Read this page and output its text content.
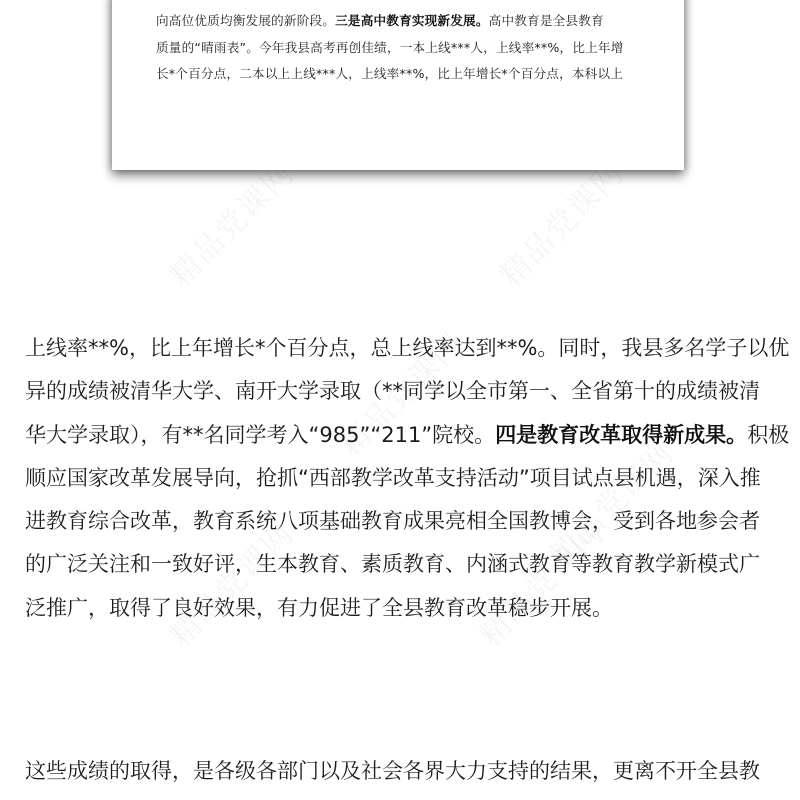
向高位优质均衡发展的新阶段。三是高中教育实现新发展。高中教育是全县教育
质量的“晴雨表”。今年我县高考再创佳绩，一本上线***人，上线率**%，比上年增
长*个百分点，二本以上上线***人，上线率**%，比上年增长*个百分点，本科以上
上线率**%，比上年增长*个百分点，总上线率达到**%。同时，我县多名学子以优
异的成绩被清华大学、南开大学录取（**同学以全市第一、全省第十的成绩被清
华大学录取），有**名同学考入“985”“211”院校。四是教育改革取得新成果。积极
顺应国家改革发展导向，抢抓“西部教学改革支持活动”项目试点县机遇，深入推
进教育综合改革，教育系统八项基础教育成果亮相全国教博会，受到各地参会者
的广泛关注和一致好评，生本教育、素质教育、内涵式教育等教育教学新模式广
泛推广，取得了良好效果，有力促进了全县教育改革稳步开展。
这些成绩的取得，是各级各部门以及社会各界大力支持的结果，更离不开全县教
